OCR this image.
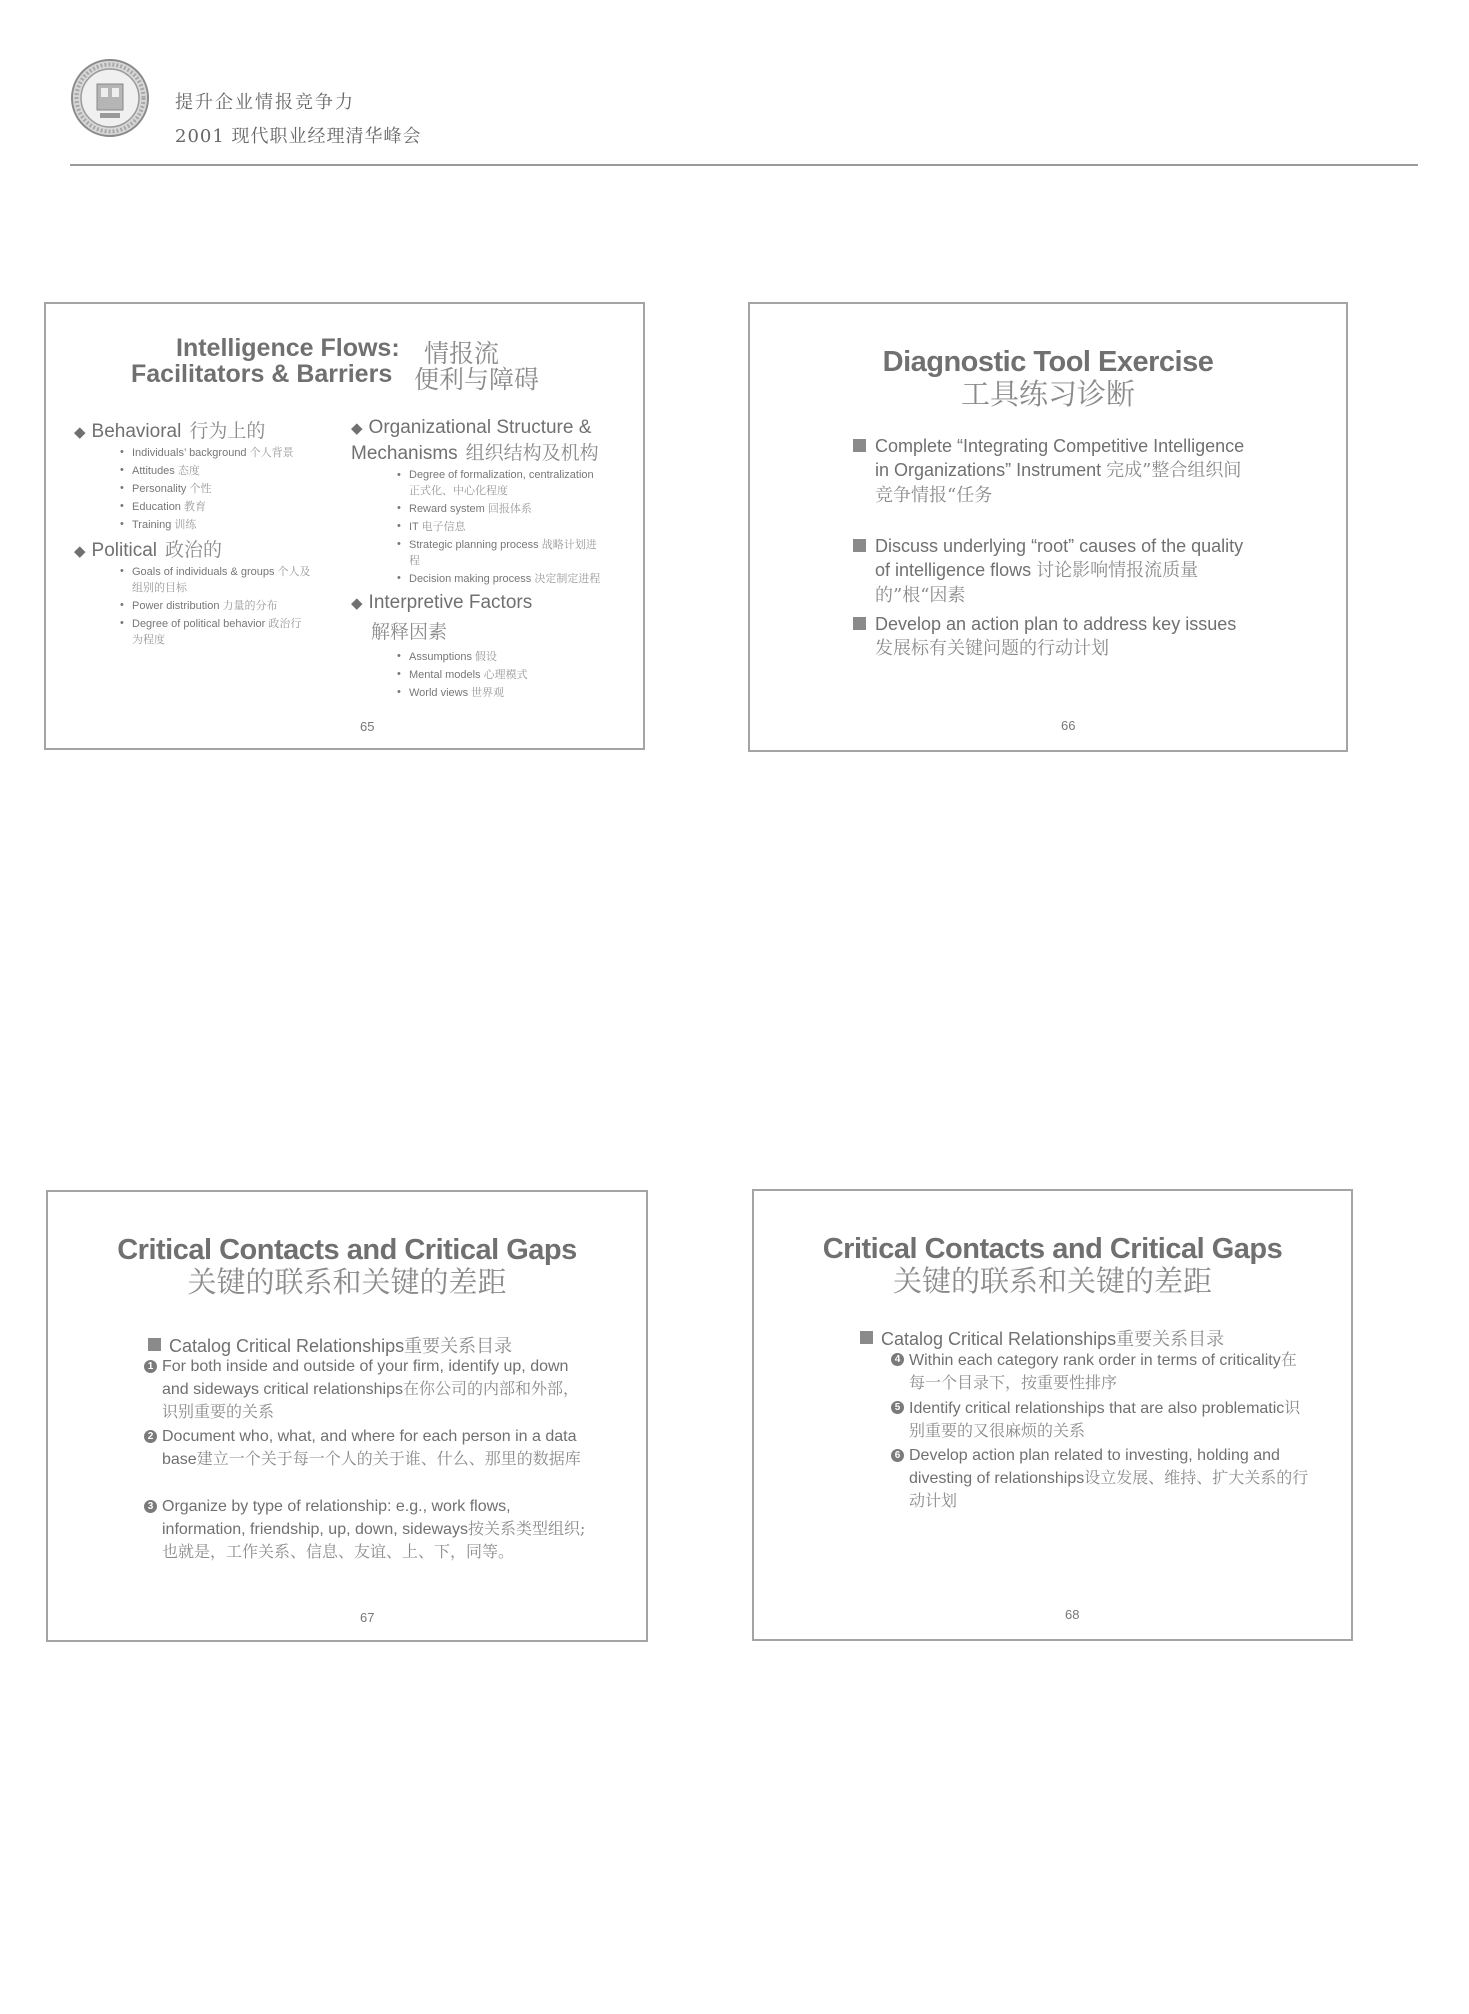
提升企业情报竞争力
2001 现代职业经理清华峰会
Intelligence Flows:
Facilitators & Barriers
情报流
便利与障碍
◆ Behavioral 行为上的
• Individuals’ background 个人背景
• Attitudes 态度
• Personality 个性
• Education 教育
• Training 训练
◆ Political 政治的
• Goals of individuals & groups 个人及组别的目标
• Power distribution 力量的分布
• Degree of political behavior 政治行为程度
◆ Organizational Structure & Mechanisms 组织结构及机构
• Degree of formalization, centralization 正式化、中心化程度
• Reward system 回报体系
• IT 电子信息
• Strategic planning process 战略计划进程
• Decision making process 决定制定进程
◆ Interpretive Factors
解释因素
• Assumptions 假设
• Mental models 心理模式
• World views 世界观
65
Diagnostic Tool Exercise
工具练习诊断
Complete “Integrating Competitive Intelligence in Organizations” Instrument 完成”整合组织间竞争情报“任务
Discuss underlying “root” causes of the quality of intelligence flows 讨论影响情报流质量的”根“因素
Develop an action plan to address key issues 发展标有关键问题的行动计划
66
Critical Contacts and Critical Gaps
关键的联系和关键的差距
Catalog Critical Relationships重要关系目录
1 For both inside and outside of your firm, identify up, down and sideways critical relationships在你公司的内部和外部，识别重要的关系
2 Document who, what, and where for each person in a data base建立一个关于每一个人的关于谁、什么、那里的数据库
3 Organize by type of relationship: e.g., work flows, information, friendship, up, down, sideways按关系类型组织;也就是，工作关系、信息、友谊、上、下，同等。
67
Critical Contacts and Critical Gaps
关键的联系和关键的差距
Catalog Critical Relationships重要关系目录
4 Within each category rank order in terms of criticality在每一个目录下，按重要性排序
5 Identify critical relationships that are also problematic识别重要的又很麻烦的关系
6 Develop action plan related to investing, holding and divesting of relationships设立发展、维持、扩大关系的行动计划
68
